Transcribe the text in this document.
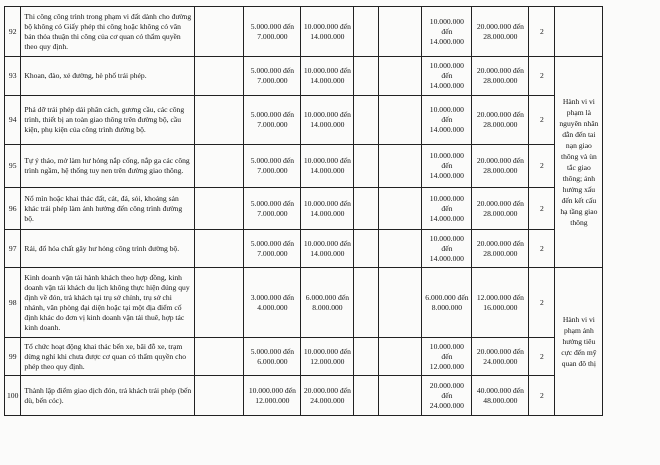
92	Thi công công trình trong phạm vi đất dành cho đường bộ không có Giấy phép thi công hoặc không có văn bản thỏa thuận thi công của cơ quan có thẩm quyền theo quy định.		5.000.000 đến 7.000.000	10.000.000 đến 14.000.000			10.000.000 đến 14.000.000	20.000.000 đến 28.000.000	2	
93	Khoan, đào, xẻ đường, hè phố trái phép.		5.000.000 đến 7.000.000	10.000.000 đến 14.000.000			10.000.000 đến 14.000.000	20.000.000 đến 28.000.000	2	Hành vi vi phạm là nguyên nhân dẫn đến tai nạn giao thông và ùn tắc giao thông; ảnh hưởng xấu đến kết cấu hạ tầng giao thông
94	Phá dỡ trái phép dải phân cách, gương cầu, các công trình, thiết bị an toàn giao thông trên đường bộ, cầu kiện, phụ kiện của công trình đường bộ.		5.000.000 đến 7.000.000	10.000.000 đến 14.000.000			10.000.000 đến 14.000.000	20.000.000 đến 28.000.000	2	
95	Tự ý tháo, mở làm hư hỏng nắp cống, nắp ga các công trình ngầm, hệ thống tuy nen trên đường giao thông.		5.000.000 đến 7.000.000	10.000.000 đến 14.000.000			10.000.000 đến 14.000.000	20.000.000 đến 28.000.000	2	
96	Nổ mìn hoặc khai thác đất, cát, đá, sỏi, khoáng sản khác trái phép làm ảnh hưởng đến công trình đường bộ.		5.000.000 đến 7.000.000	10.000.000 đến 14.000.000			10.000.000 đến 14.000.000	20.000.000 đến 28.000.000	2	
97	Rải, đổ hóa chất gây hư hỏng công trình đường bộ.		5.000.000 đến 7.000.000	10.000.000 đến 14.000.000			10.000.000 đến 14.000.000	20.000.000 đến 28.000.000	2	
98	Kinh doanh vận tải hành khách theo hợp đồng, kinh doanh vận tải khách du lịch không thực hiện đúng quy định về đón, trả khách tại trụ sở chính, trụ sở chi nhánh, văn phòng đại diện hoặc tại một địa điểm cố định khác do đơn vị kinh doanh vận tải thuê, hợp tác kinh doanh.		3.000.000 đến 4.000.000	6.000.000 đến 8.000.000			6.000.000 đến 8.000.000	12.000.000 đến 16.000.000	2	Hành vi vi phạm ảnh hưởng tiêu cực đến mỹ quan đô thị
99	Tổ chức hoạt động khai thác bến xe, bãi đỗ xe, trạm dừng nghỉ khi chưa được cơ quan có thẩm quyền cho phép theo quy định.		5.000.000 đến 6.000.000	10.000.000 đến 12.000.000			10.000.000 đến 12.000.000	20.000.000 đến 24.000.000	2	
100	Thành lập điểm giao dịch đón, trả khách trái phép (bến dù, bến cóc).		10.000.000 đến 12.000.000	20.000.000 đến 24.000.000			20.000.000 đến 24.000.000	40.000.000 đến 48.000.000	2	
